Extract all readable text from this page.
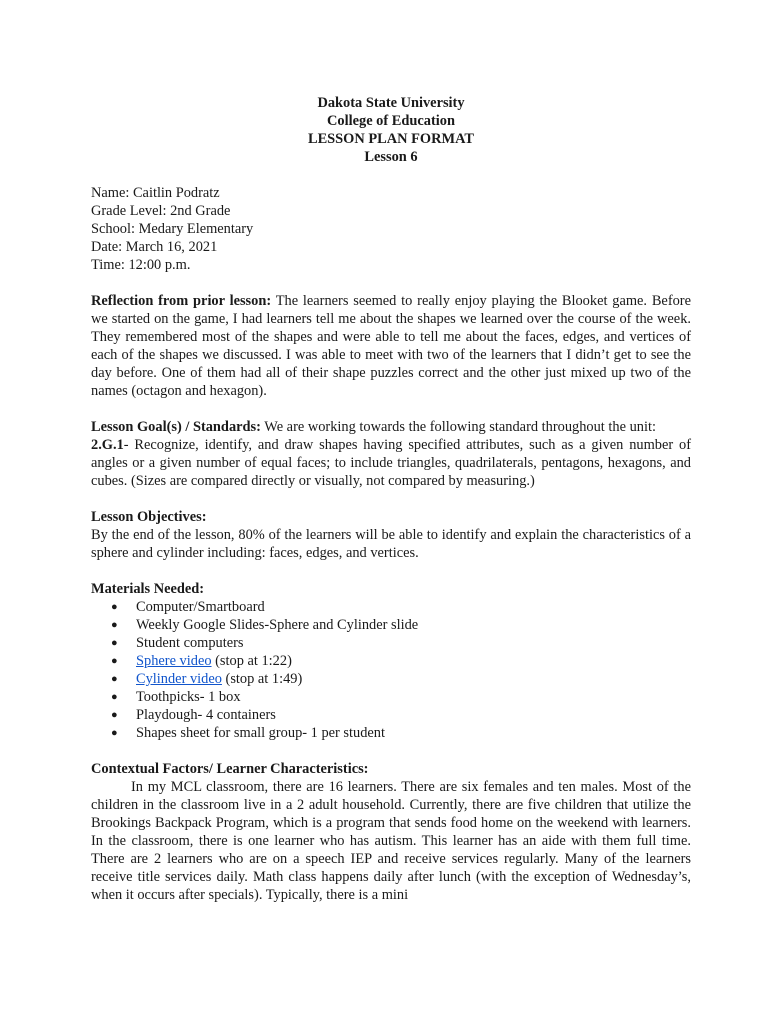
Dakota State University
College of Education
LESSON PLAN FORMAT
Lesson 6
Name: Caitlin Podratz
Grade Level: 2nd Grade
School: Medary Elementary
Date: March 16, 2021
Time: 12:00 p.m.

Reflection from prior lesson: The learners seemed to really enjoy playing the Blooket game. Before we started on the game, I had learners tell me about the shapes we learned over the course of the week. They remembered most of the shapes and were able to tell me about the faces, edges, and vertices of each of the shapes we discussed. I was able to meet with two of the learners that I didn’t get to see the day before. One of them had all of their shape puzzles correct and the other just mixed up two of the names (octagon and hexagon).

Lesson Goal(s) / Standards: We are working towards the following standard throughout the unit:

2.G.1- Recognize, identify, and draw shapes having specified attributes, such as a given number of angles or a given number of equal faces; to include triangles, quadrilaterals, pentagons, hexagons, and cubes. (Sizes are compared directly or visually, not compared by measuring.)

Lesson Objectives:

By the end of the lesson, 80% of the learners will be able to identify and explain the characteristics of a sphere and cylinder including: faces, edges, and vertices.

Materials Needed:
● Computer/Smartboard
● Weekly Google Slides-Sphere and Cylinder slide
● Student computers
● Sphere video (stop at 1:22)
● Cylinder video (stop at 1:49)
● Toothpicks- 1 box
● Playdough- 4 containers
● Shapes sheet for small group- 1 per student
Contextual Factors/ Learner Characteristics:

In my MCL classroom, there are 16 learners. There are six females and ten males. Most of the children in the classroom live in a 2 adult household. Currently, there are five children that utilize the Brookings Backpack Program, which is a program that sends food home on the weekend with learners. In the classroom, there is one learner who has autism. This learner has an aide with them full time. There are 2 learners who are on a speech IEP and receive services regularly. Many of the learners receive title services daily. Math class happens daily after lunch (with the exception of Wednesday’s, when it occurs after specials). Typically, there is a mini
